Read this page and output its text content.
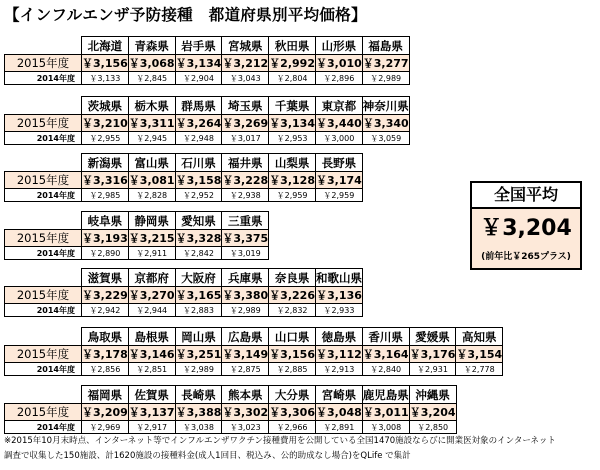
【インフルエンザ予防接種　都道府県別平均価格】
	北海道	青森県	岩手県	宮城県	秋田県	山形県	福島県
2015年度	￥3,156	￥3,068	￥3,134	￥3,212	￥2,992	￥3,010	￥3,277
2014年度	￥3,133	￥2,845	￥2,904	￥3,043	￥2,804	￥2,896	￥2,989
	茨城県	栃木県	群馬県	埼玉県	千葉県	東京都	神奈川県
2015年度	￥3,210	￥3,311	￥3,264	￥3,269	￥3,134	￥3,440	￥3,340
2014年度	￥2,955	￥2,945	￥2,948	￥3,017	￥2,953	￥3,000	￥3,059
	新潟県	富山県	石川県	福井県	山梨県	長野県
2015年度	￥3,316	￥3,081	￥3,158	￥3,228	￥3,128	￥3,174
2014年度	￥2,985	￥2,828	￥2,952	￥2,938	￥2,959	￥2,959
	岐阜県	静岡県	愛知県	三重県
2015年度	￥3,193	￥3,215	￥3,328	￥3,375
2014年度	￥2,890	￥2,911	￥2,842	￥3,019
	滋賀県	京都府	大阪府	兵庫県	奈良県	和歌山県
2015年度	￥3,229	￥3,270	￥3,165	￥3,380	￥3,226	￥3,136
2014年度	￥2,942	￥2,944	￥2,883	￥2,989	￥2,832	￥2,933
	鳥取県	島根県	岡山県	広島県	山口県	徳島県	香川県	愛媛県	高知県
2015年度	￥3,178	￥3,146	￥3,251	￥3,149	￥3,156	￥3,112	￥3,164	￥3,176	￥3,154
2014年度	￥2,856	￥2,851	￥2,989	￥2,875	￥2,885	￥2,913	￥2,840	￥2,931	￥2,778
	福岡県	佐賀県	長崎県	熊本県	大分県	宮崎県	鹿児島県	沖縄県
2015年度	￥3,209	￥3,137	￥3,388	￥3,302	￥3,306	￥3,048	￥3,011	￥3,204
2014年度	￥2,969	￥2,917	￥3,038	￥3,023	￥2,966	￥2,891	￥3,008	￥2,850
全国平均
￥3,204
(前年比￥265プラス)
※2015年10月末時点、インターネット等でインフルエンザワクチン接種費用を公開している全国1470施設ならびに開業医対象のインターネット
調査で収集した150施設、計1620施設の接種料金(成人1回目、税込み、公的助成なし場合)をQLife で集計
